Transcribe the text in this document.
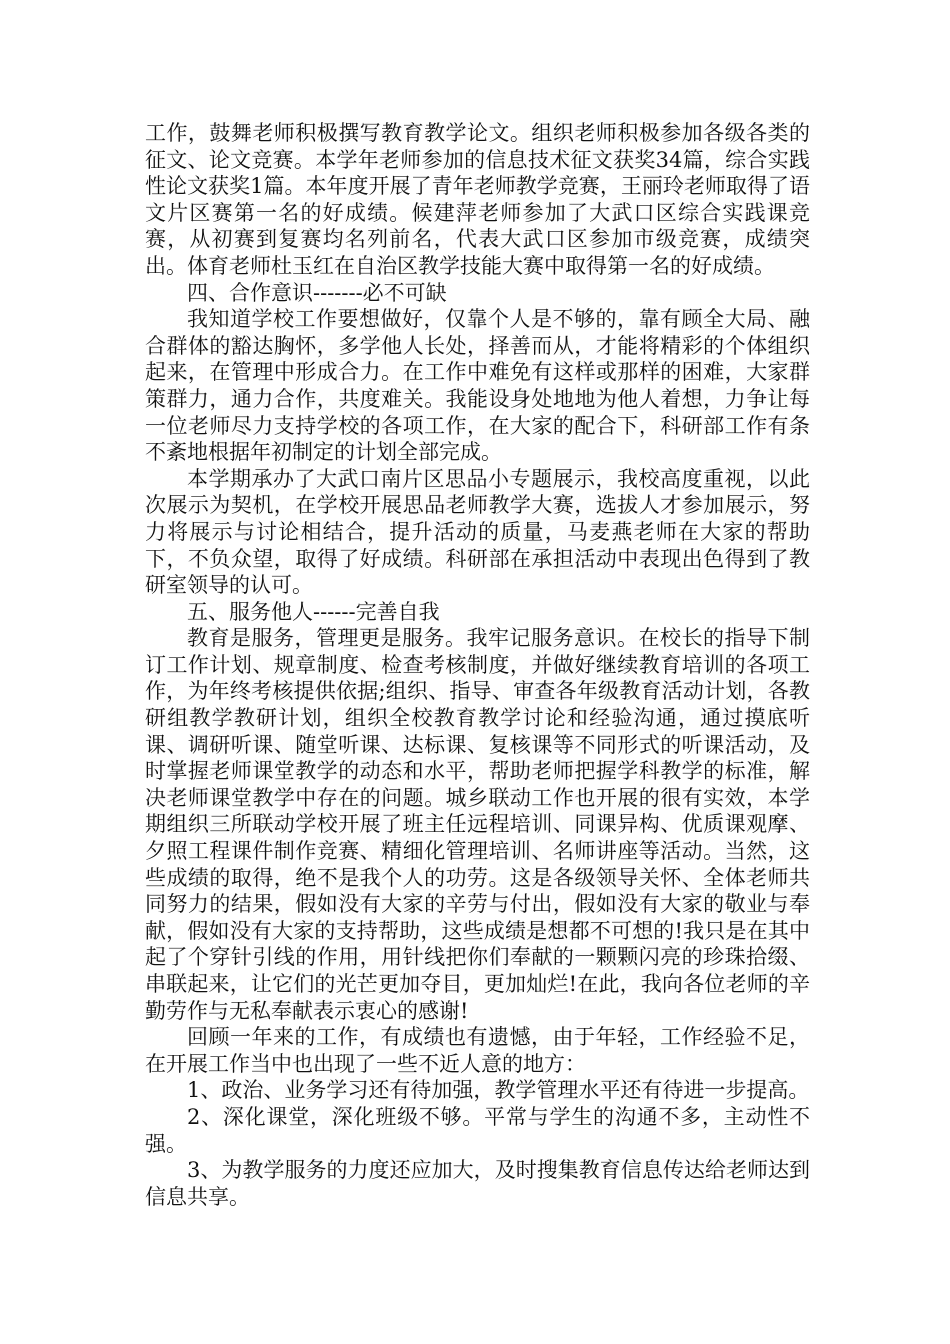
工作，鼓舞老师积极撰写教育教学论文。组织老师积极参加各级各类的征文、论文竞赛。本学年老师参加的信息技术征文获奖34篇，综合实践性论文获奖1篇。本年度开展了青年老师教学竞赛，王丽玲老师取得了语文片区赛第一名的好成绩。候建萍老师参加了大武口区综合实践课竞赛，从初赛到复赛均名列前名，代表大武口区参加市级竞赛，成绩突出。体育老师杜玉红在自治区教学技能大赛中取得第一名的好成绩。

四、合作意识-------必不可缺

我知道学校工作要想做好，仅靠个人是不够的，靠有顾全大局、融合群体的豁达胸怀，多学他人长处，择善而从，才能将精彩的个体组织起来，在管理中形成合力。在工作中难免有这样或那样的困难，大家群策群力，通力合作，共度难关。我能设身处地地为他人着想，力争让每一位老师尽力支持学校的各项工作，在大家的配合下，科研部工作有条不紊地根据年初制定的计划全部完成。

本学期承办了大武口南片区思品小专题展示，我校高度重视，以此次展示为契机，在学校开展思品老师教学大赛，选拔人才参加展示，努力将展示与讨论相结合，提升活动的质量，马麦燕老师在大家的帮助下，不负众望，取得了好成绩。科研部在承担活动中表现出色得到了教研室领导的认可。

五、服务他人------完善自我

教育是服务，管理更是服务。我牢记服务意识。在校长的指导下制订工作计划、规章制度、检查考核制度，并做好继续教育培训的各项工作，为年终考核提供依据;组织、指导、审查各年级教育活动计划，各教研组教学教研计划，组织全校教育教学讨论和经验沟通，通过摸底听课、调研听课、随堂听课、达标课、复核课等不同形式的听课活动，及时掌握老师课堂教学的动态和水平，帮助老师把握学科教学的标准，解决老师课堂教学中存在的问题。城乡联动工作也开展的很有实效，本学期组织三所联动学校开展了班主任远程培训、同课异构、优质课观摩、夕照工程课件制作竞赛、精细化管理培训、名师讲座等活动。当然，这些成绩的取得，绝不是我个人的功劳。这是各级领导关怀、全体老师共同努力的结果，假如没有大家的辛劳与付出，假如没有大家的敬业与奉献，假如没有大家的支持帮助，这些成绩是想都不可想的!我只是在其中起了个穿针引线的作用，用针线把你们奉献的一颗颗闪亮的珍珠拾缀、串联起来，让它们的光芒更加夺目，更加灿烂!在此，我向各位老师的辛勤劳作与无私奉献表示衷心的感谢!

回顾一年来的工作，有成绩也有遗憾，由于年轻，工作经验不足，在开展工作当中也出现了一些不近人意的地方：

1、政治、业务学习还有待加强，教学管理水平还有待进一步提高。

2、深化课堂，深化班级不够。平常与学生的沟通不多，主动性不强。

3、为教学服务的力度还应加大，及时搜集教育信息传达给老师达到信息共享。
